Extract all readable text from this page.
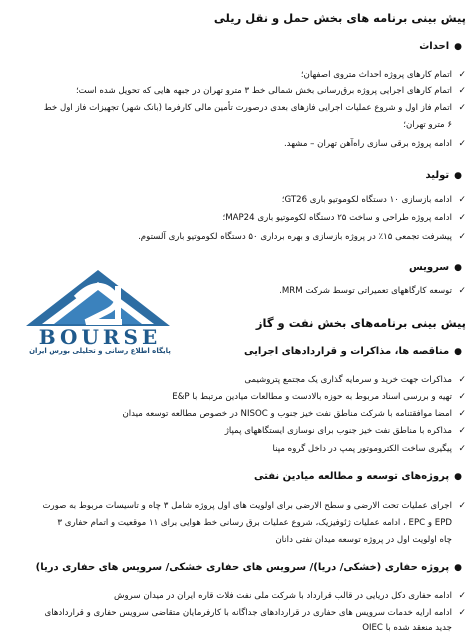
پیش بینی برنامه های بخش حمل و نقل ریلی
●احداث
✓اتمام کارهای پروژه احداث متروی اصفهان؛
✓اتمام کارهای اجرایی پروژه برق‌رسانی بخش شمالی خط ۳ مترو تهران در جبهه هایی که تحویل شده است؛
✓اتمام فاز اول و شروع عملیات اجرایی فازهای بعدی درصورت تأمین مالی کارفرما (بانک شهر) تجهیزات فاز اول خط
۶ مترو تهران؛
✓ادامه پروژه برقی سازی راه‌آهن تهران – مشهد.
●تولید
✓ادامه بازسازی ۱۰ دستگاه لکوموتیو باری GT26؛
✓ادامه پروژه طراحی و ساخت ۲۵ دستگاه لکوموتیو باری MAP24؛
✓پیشرفت تجمعی ۱۵٪ در پروژه بازسازی و بهره برداری ۵۰ دستگاه لکوموتیو باری آلستوم.
●سرویس
✓توسعه کارگاههای تعمیراتی توسط شرکت MRM.
BOURSE
پایگاه اطلاع رسانی و تحلیلی بورس ایران
پیش بینی برنامه‌های بخش نفت و گاز
●مناقصه ها، مذاکرات و قراردادهای اجرایی
✓مذاکرات جهت خرید و سرمایه گذاری یک مجتمع پتروشیمی
✓تهیه و بررسی اسناد مربوط به حوزه بالادست و مطالعات میادین مرتبط با E&P
✓امضا موافقتنامه با شرکت مناطق نفت خیز جنوب و NISOC در خصوص مطالعه توسعه میدان
✓مذاکره با مناطق نفت خیز جنوب برای نوسازی ایستگاههای پمپاژ
✓پیگیری ساخت الکتروموتور پمپ در داخل گروه مپنا
●پروژه‌های توسعه و مطالعه میادین نفتی
✓اجرای عملیات تحت الارضی و سطح الارضی برای اولویت های اول پروژه شامل ۳ چاه و تاسیسات مربوط به صورت
EPD و EPC ، ادامه عملیات ژئوفیزیک، شروع عملیات برق رسانی خط هوایی برای ۱۱ موقعیت و اتمام حفاری ۳
چاه اولویت اول در پروژه توسعه میدان نفتی دانان
●پروژه حفاری (خشکی/ دریا)/ سرویس های حفاری خشکی/ سرویس های حفاری دریا)
✓ادامه حفاری دکل دریایی در قالب قرارداد با شرکت ملی نفت فلات قاره ایران در میدان سروش
✓ادامه ارایه خدمات سرویس های حفاری در قراردادهای جداگانه با کارفرمایان متقاضی سرویس حفاری و قراردادهای
جدید منعقد شده با OIEC
